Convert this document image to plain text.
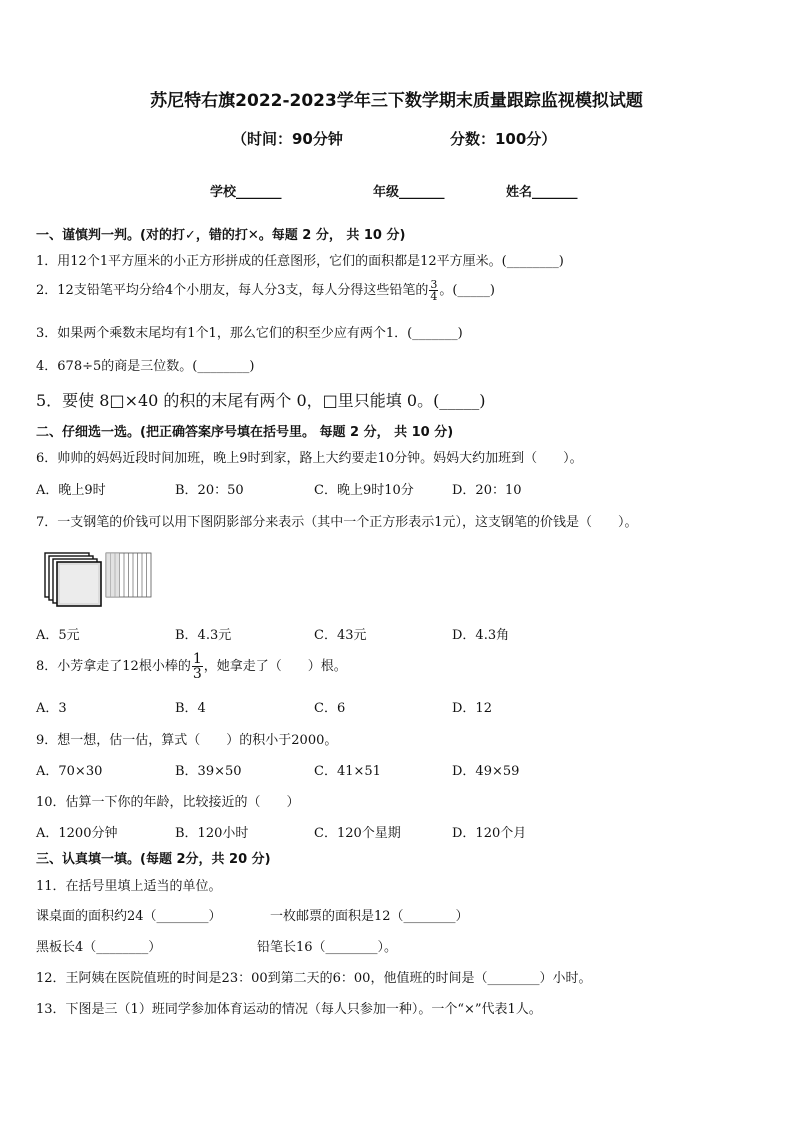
苏尼特右旗2022-2023学年三下数学期末质量跟踪监视模拟试题
（时间：90分钟	分数：100分）
学校_______	年级_______	姓名_______
一、谨慎判一判。(对的打✓，错的打✕。每题 2 分， 共 10 分)
1．用12个1平方厘米的小正方形拼成的任意图形，它们的面积都是12平方厘米。(________)
2．12支铅笔平均分给4个小朋友，每人分3支，每人分得这些铅笔的 $\frac{3}{4}$ 。(_____)
3．如果两个乘数末尾均有1个1，那么它们的积至少应有两个1．(_______)
4．678÷5的商是三位数。(________)
5．要使 8□×40 的积的末尾有两个 0，□里只能填 0。(_____)
二、仔细选一选。(把正确答案序号填在括号里。 每题 2 分， 共 10 分)
6．帅帅的妈妈近段时间加班，晚上9时到家，路上大约要走10分钟。妈妈大约加班到（　　）。
A．晚上9时	B．20：50	C．晚上9时10分	D．20：10
7．一支钢笔的价钱可以用下图阴影部分来表示（其中一个正方形表示1元），这支钢笔的价钱是（　　）。
A．5元	B．4.3元	C．43元	D．4.3角
8．小芳拿走了12根小棒的 $\frac{1}{3}$ ，她拿走了（　　）根。
A．3	B．4	C．6	D．12
9．想一想，估一估，算式（　　）的积小于2000。
A．70×30	B．39×50	C．41×51	D．49×59
10．估算一下你的年龄，比较接近的（　　）
A．1200分钟	B．120小时	C．120个星期	D．120个月
三、认真填一填。(每题 2分，共 20 分)
11．在括号里填上适当的单位。
课桌面的面积约24（________）	一枚邮票的面积是12（________）
黑板长4（________）	铅笔长16（________）。
12．王阿姨在医院值班的时间是23：00到第二天的6：00，他值班的时间是（________）小时。
13．下图是三（1）班同学参加体育运动的情况（每人只参加一种）。一个“×”代表1人。
